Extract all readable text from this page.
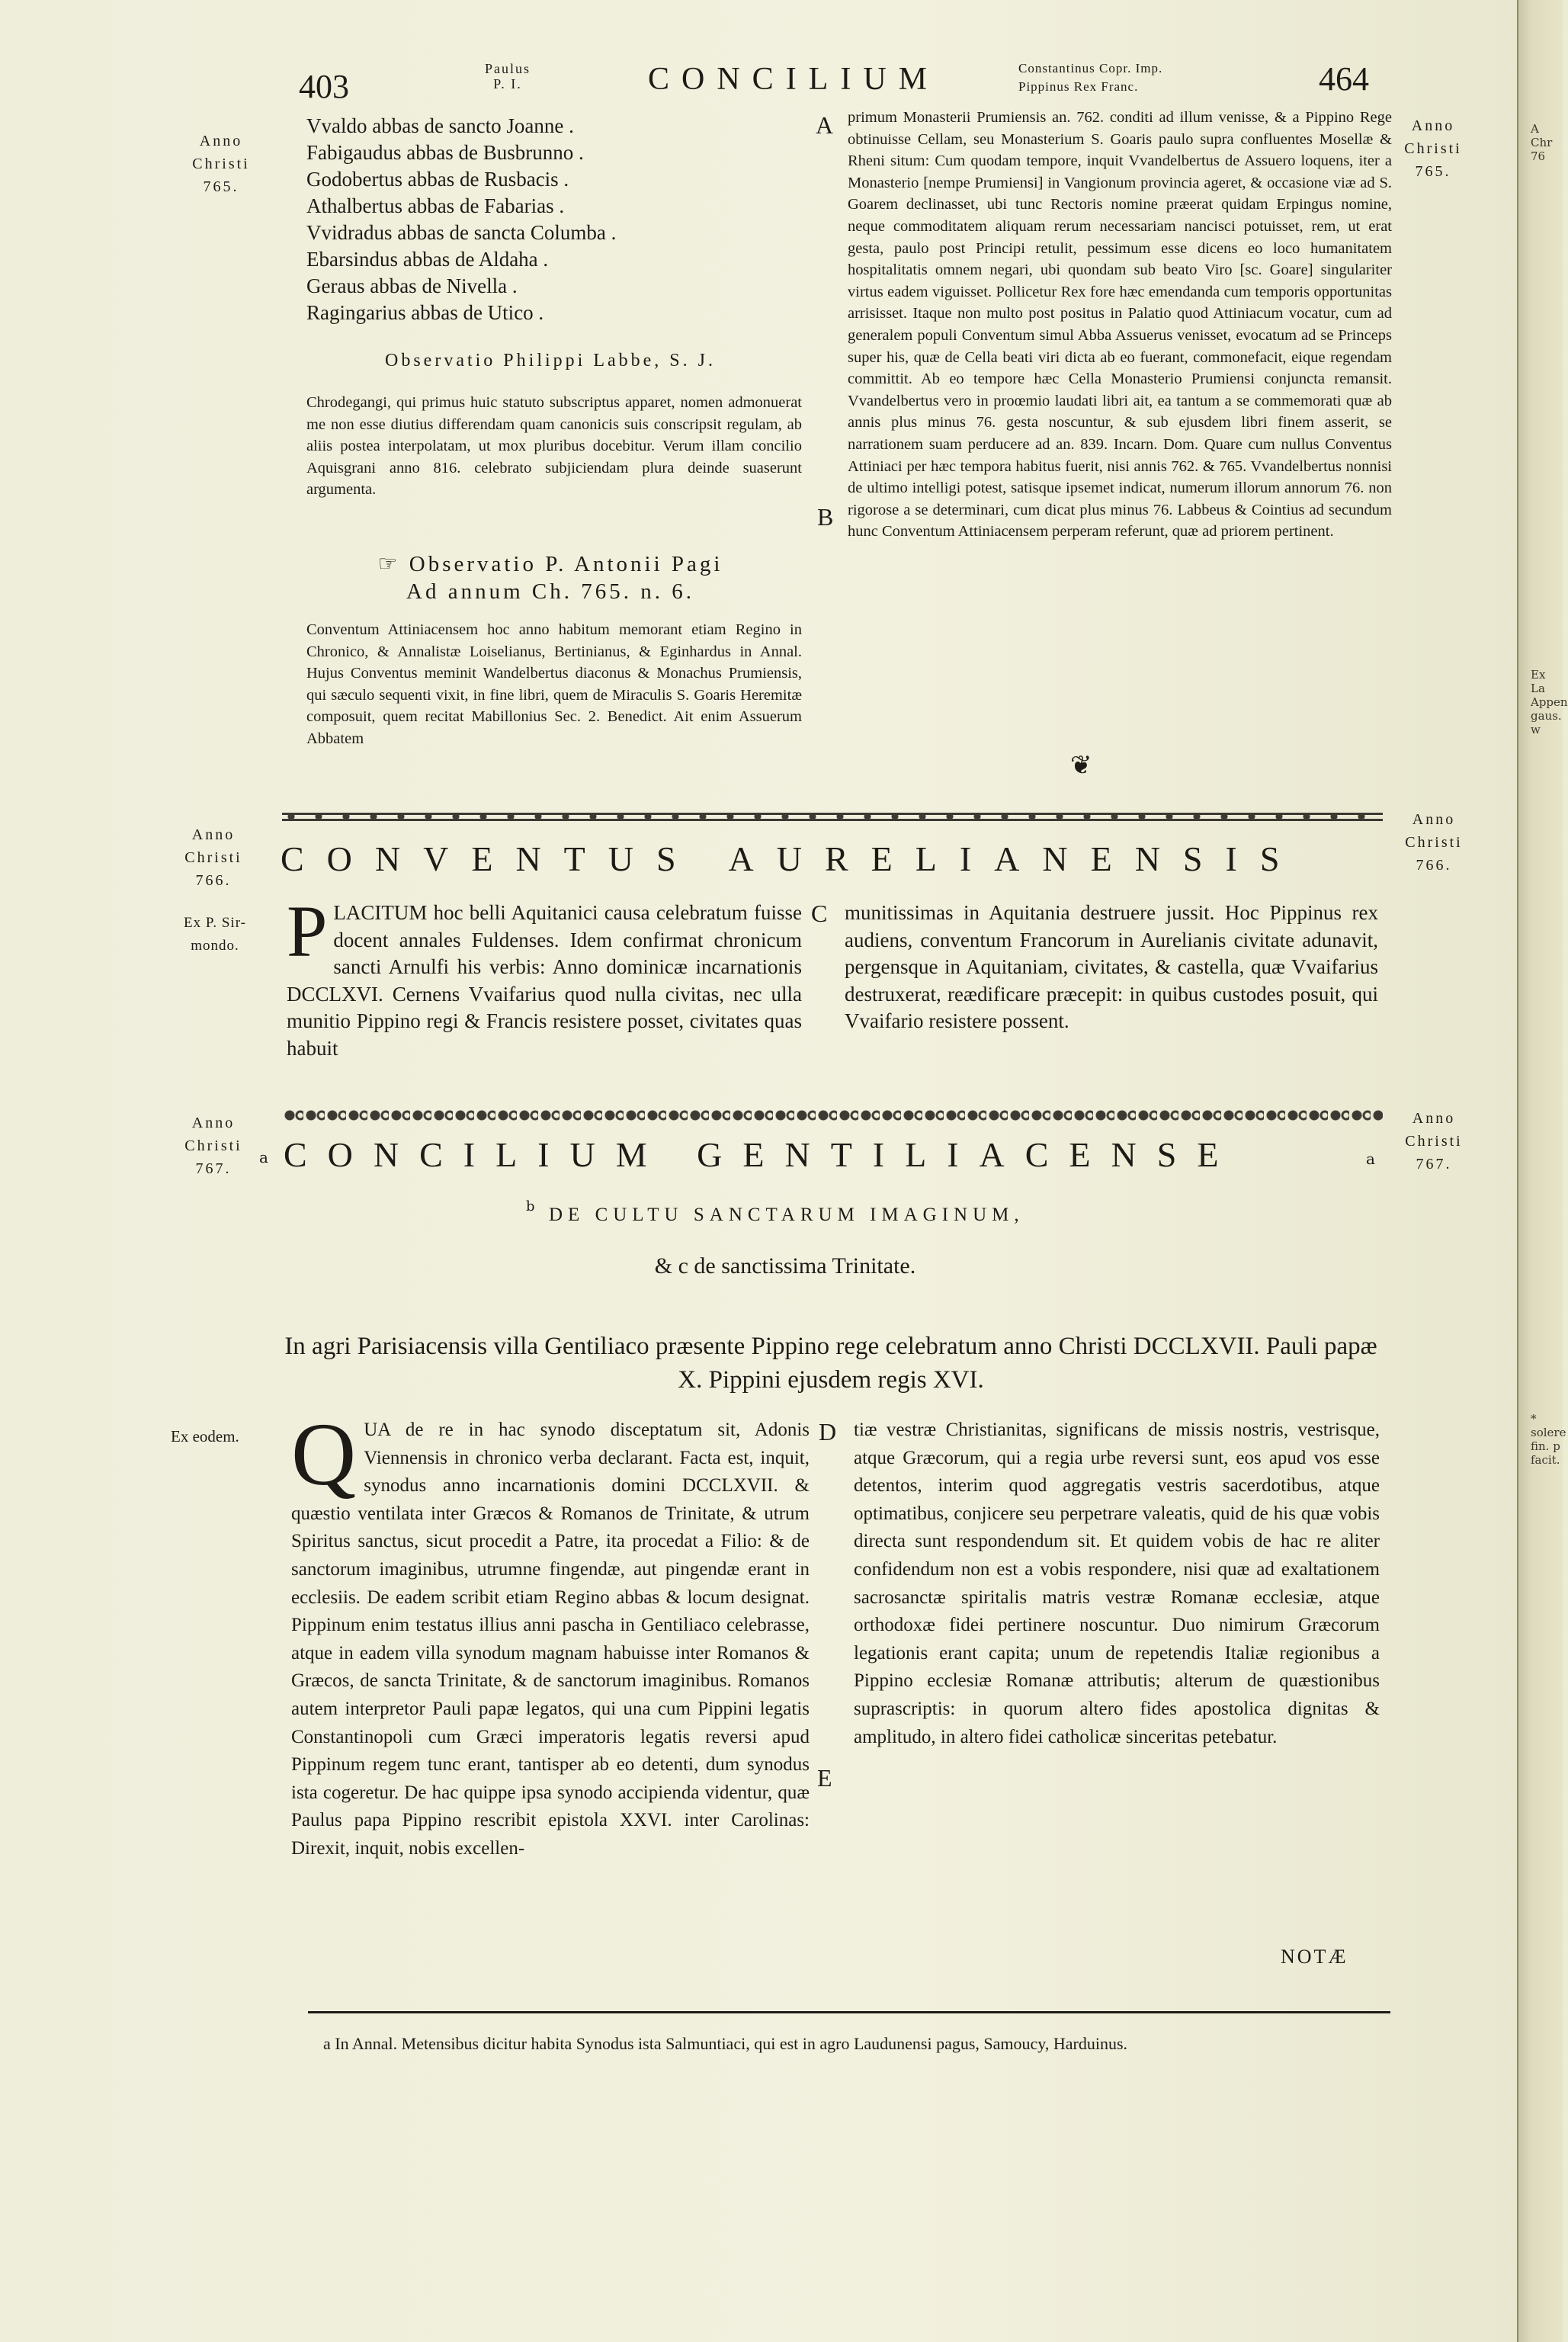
403	Paulus
P. I.	CONCILIUM	Constantinus Copr. Imp.
Pippinus Rex Franc.	464
Anno
Christi
765.
Anno
Christi
765.
Vvaldo abbas de sancto Joanne .
Fabigaudus abbas de Busbrunno .
Godobertus abbas de Rusbacis .
Athalbertus abbas de Fabarias .
Vvidradus abbas de sancta Columba .
Ebarsindus abbas de Aldaha .
Geraus abbas de Nivella .
Ragingarius abbas de Utico .
Observatio Philippi Labbe, S. J.
Chrodegangi, qui primus huic statuto subscriptus apparet, nomen admonuerat me non esse diutius differendam quam canonicis suis conscripsit regulam, ab aliis postea interpolatam, ut mox pluribus docebitur. Verum illam concilio Aquisgrani anno 816. celebrato subjiciendam plura deinde suaserunt argumenta.
☞ Observatio P. Antonii Pagi
Ad annum Ch. 765. n. 6.
Conventum Attiniacensem hoc anno habitum memorant etiam Regino in Chronico, & Annalistæ Loiselianus, Bertinianus, & Eginhardus in Annal. Hujus Conventus meminit Wandelbertus diaconus & Monachus Prumiensis, qui sæculo sequenti vixit, in fine libri, quem de Miraculis S. Goaris Heremitæ composuit, quem recitat Mabillonius Sec. 2. Benedict. Ait enim Assuerum Abbatem
A
B
primum Monasterii Prumiensis an. 762. conditi ad illum venisse, & a Pippino Rege obtinuisse Cellam, seu Monasterium S. Goaris paulo supra confluentes Mosellæ & Rheni situm: Cum quodam tempore, inquit Vvandelbertus de Assuero loquens, iter a Monasterio [nempe Prumiensi] in Vangionum provincia ageret, & occasione viæ ad S. Goarem declinasset, ubi tunc Rectoris nomine præerat quidam Erpingus nomine, neque commoditatem aliquam rerum necessariam nancisci potuisset, rem, ut erat gesta, paulo post Principi retulit, pessimum esse dicens eo loco humanitatem hospitalitatis omnem negari, ubi quondam sub beato Viro [sc. Goare] singulariter virtus eadem viguisset. Pollicetur Rex fore hæc emendanda cum temporis opportunitas arrisisset. Itaque non multo post positus in Palatio quod Attiniacum vocatur, cum ad generalem populi Conventum simul Abba Assuerus venisset, evocatum ad se Princeps super his, quæ de Cella beati viri dicta ab eo fuerant, commonefacit, eique regendam committit. Ab eo tempore hæc Cella Monasterio Prumiensi conjuncta remansit. Vvandelbertus vero in proœmio laudati libri ait, ea tantum a se commemorati quæ ab annis plus minus 76. gesta noscuntur, & sub ejusdem libri finem asserit, se narrationem suam perducere ad an. 839. Incarn. Dom. Quare cum nullus Conventus Attiniaci per hæc tempora habitus fuerit, nisi annis 762. & 765. Vvandelbertus nonnisi de ultimo intelligi potest, satisque ipsemet indicat, numerum illorum annorum 76. non rigorose a se determinari, cum dicat plus minus 76. Labbeus & Cointius ad secundum hunc Conventum Attiniacensem perperam referunt, quæ ad priorem pertinent.
❦
Anno
Christi
766.
Anno
Christi
766.
Ex P. Sir-
mondo.
CONVENTUS AURELIANENSIS
PLACITUM hoc belli Aquitanici causa celebratum fuisse docent annales Fuldenses. Idem confirmat chronicum sancti Arnulfi his verbis: Anno dominicæ incarnationis DCCLXVI. Cernens Vvaifarius quod nulla civitas, nec ulla munitio Pippino regi & Francis resistere posset, civitates quas habuit
C munitissimas in Aquitania destruere jussit. Hoc Pippinus rex audiens, conventum Francorum in Aurelianis civitate adunavit, pergensque in Aquitaniam, civitates, & castella, quæ Vvaifarius destruxerat, reædificare præcepit: in quibus custodes posuit, qui Vvaifario resistere possent.
Anno
Christi
767.
Anno
Christi
767.
a CONCILIUM GENTILIACENSE	a
b DE CULTU SANCTARUM IMAGINUM,
& c de sanctissima Trinitate.
In agri Parisiacensis villa Gentiliaco præsente Pippino rege celebratum anno Christi DCCLXVII. Pauli papæ X. Pippini ejusdem regis XVI.
Ex eodem. QUA de re in hac synodo disceptatum sit, Adonis Viennensis in chronico verba declarant. Facta est, inquit, synodus anno incarnationis domini DCCLXVII. & quæstio ventilata inter Græcos & Romanos de Trinitate, & utrum Spiritus sanctus, sicut procedit a Patre, ita procedat a Filio: & de sanctorum imaginibus, utrumne fingendæ, aut pingendæ erant in ecclesiis. De eadem scribit etiam Regino abbas & locum designat. Pippinum enim testatus illius anni pascha in Gentiliaco celebrasse, atque in eadem villa synodum magnam habuisse inter Romanos & Græcos, de sancta Trinitate, & de sanctorum imaginibus. Romanos autem interpretor Pauli papæ legatos, qui una cum Pippini legatis Constantinopoli cum Græci imperatoris legatis reversi apud Pippinum regem tunc erant, tantisper ab eo detenti, dum synodus ista cogeretur. De hac quippe ipsa synodo accipienda videntur, quæ Paulus papa Pippino rescribit epistola XXVI. inter Carolinas: Direxit, inquit, nobis excellen-
D
E
tiæ vestræ Christianitas, significans de missis nostris, vestrisque, atque Græcorum, qui a regia urbe reversi sunt, eos apud vos esse detentos, interim quod aggregatis vestris sacerdotibus, atque optimatibus, conjicere seu perpetrare valeatis, quid de his quæ vobis directa sunt respondendum sit. Et quidem vobis de hac re aliter confidendum non est a vobis respondere, nisi quæ ad exaltationem sacrosanctæ spiritalis matris vestræ Romanæ ecclesiæ, atque orthodoxæ fidei pertinere noscuntur. Duo nimirum Græcorum legationis erant capita; unum de repetendis Italiæ regionibus a Pippino ecclesiæ Romanæ attributis; alterum de quæstionibus suprascriptis: in quorum altero fides apostolica dignitas & amplitudo, in altero fidei catholicæ sinceritas petebatur.
NOTÆ
a In Annal. Metensibus dicitur habita Synodus ista Salmuntiaci, qui est in agro Laudunensi pagus, Samoucy, Harduinus.
A
Chr
76
Ex La
Appen
gaus. w
* solere
fin. p
facit.
